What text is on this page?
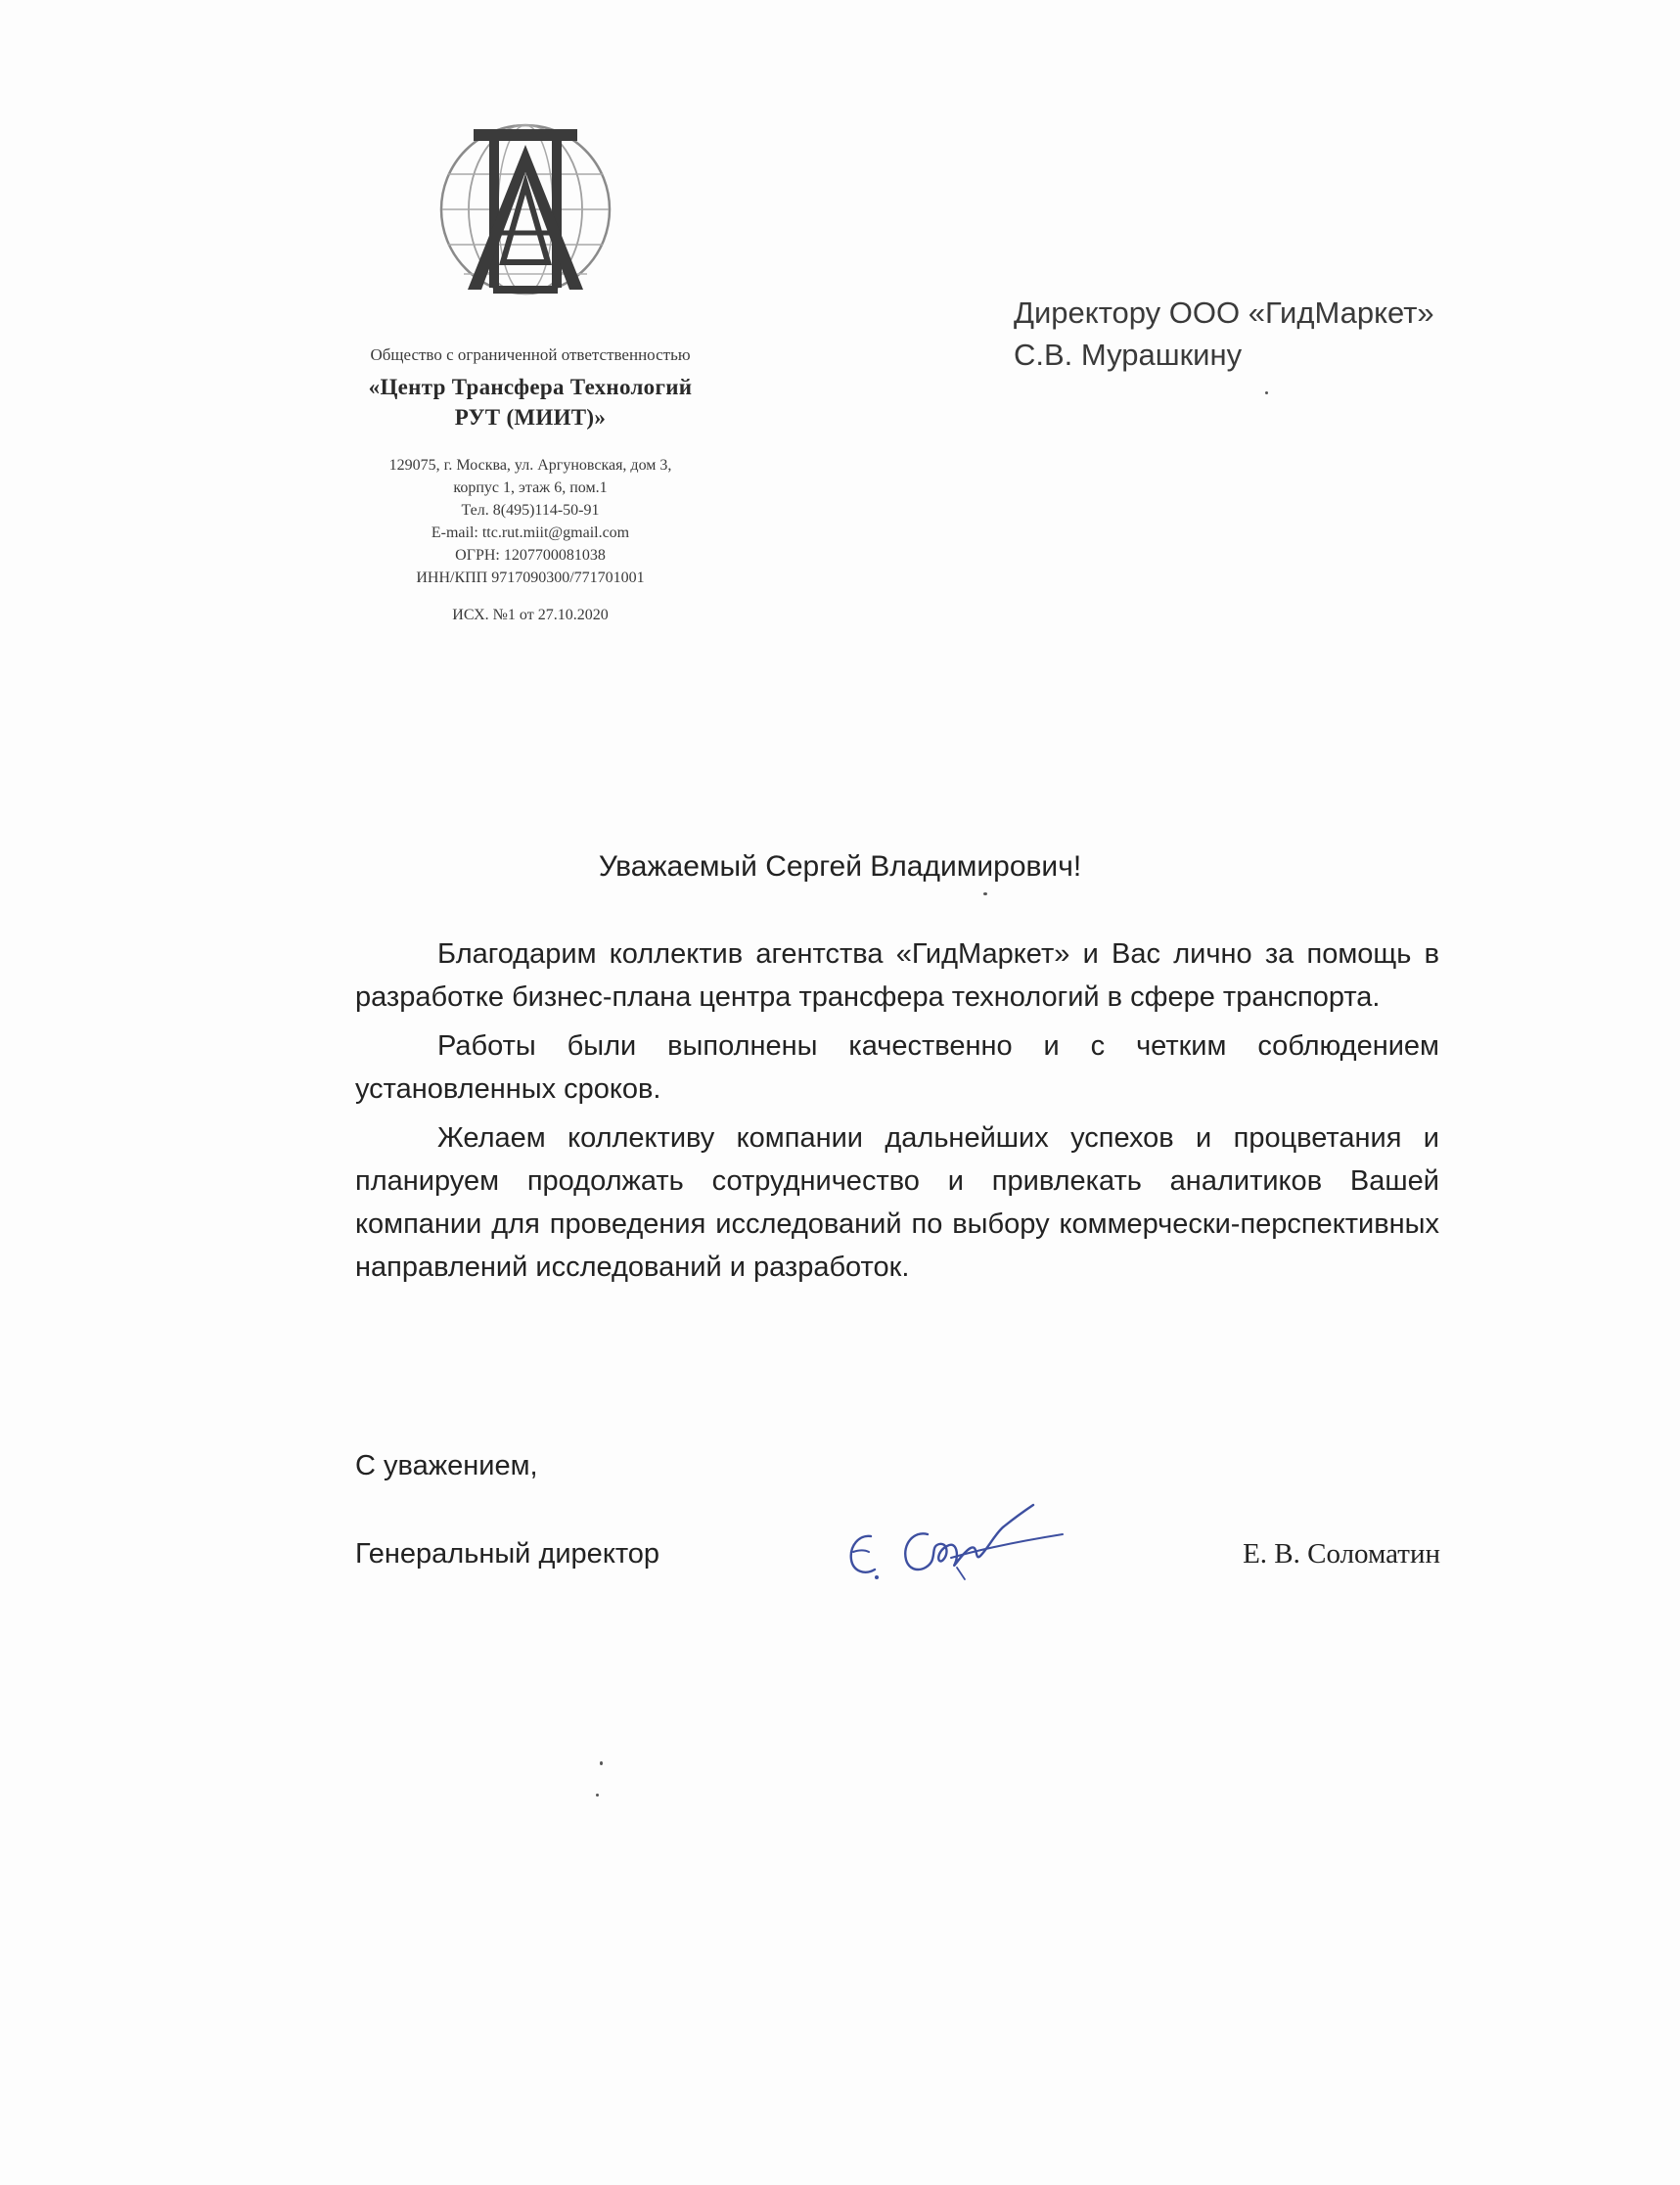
Общество с ограниченной ответственностью
«Центр Трансфера Технологий
РУТ (МИИТ)»
129075, г. Москва, ул. Аргуновская, дом 3,
корпус 1, этаж 6, пом.1
Тел. 8(495)114-50-91
E-mail: ttc.rut.miit@gmail.com
ОГРН: 1207700081038
ИНН/КПП 9717090300/771701001
ИСХ. №1 от 27.10.2020
Директору ООО «ГидМаркет»
С.В. Мурашкину
Уважаемый Сергей Владимирович!

Благодарим коллектив агентства «ГидМаркет» и Вас лично за помощь в разработке бизнес-плана центра трансфера технологий в сфере транспорта.

Работы были выполнены качественно и с четким соблюдением установленных сроков.

Желаем коллективу компании дальнейших успехов и процветания и планируем продолжать сотрудничество и привлекать аналитиков Вашей компании для проведения исследований по выбору коммерчески-перспективных направлений исследований и разработок.

С уважением,
Генеральный директор	Е. В. Соломатин
